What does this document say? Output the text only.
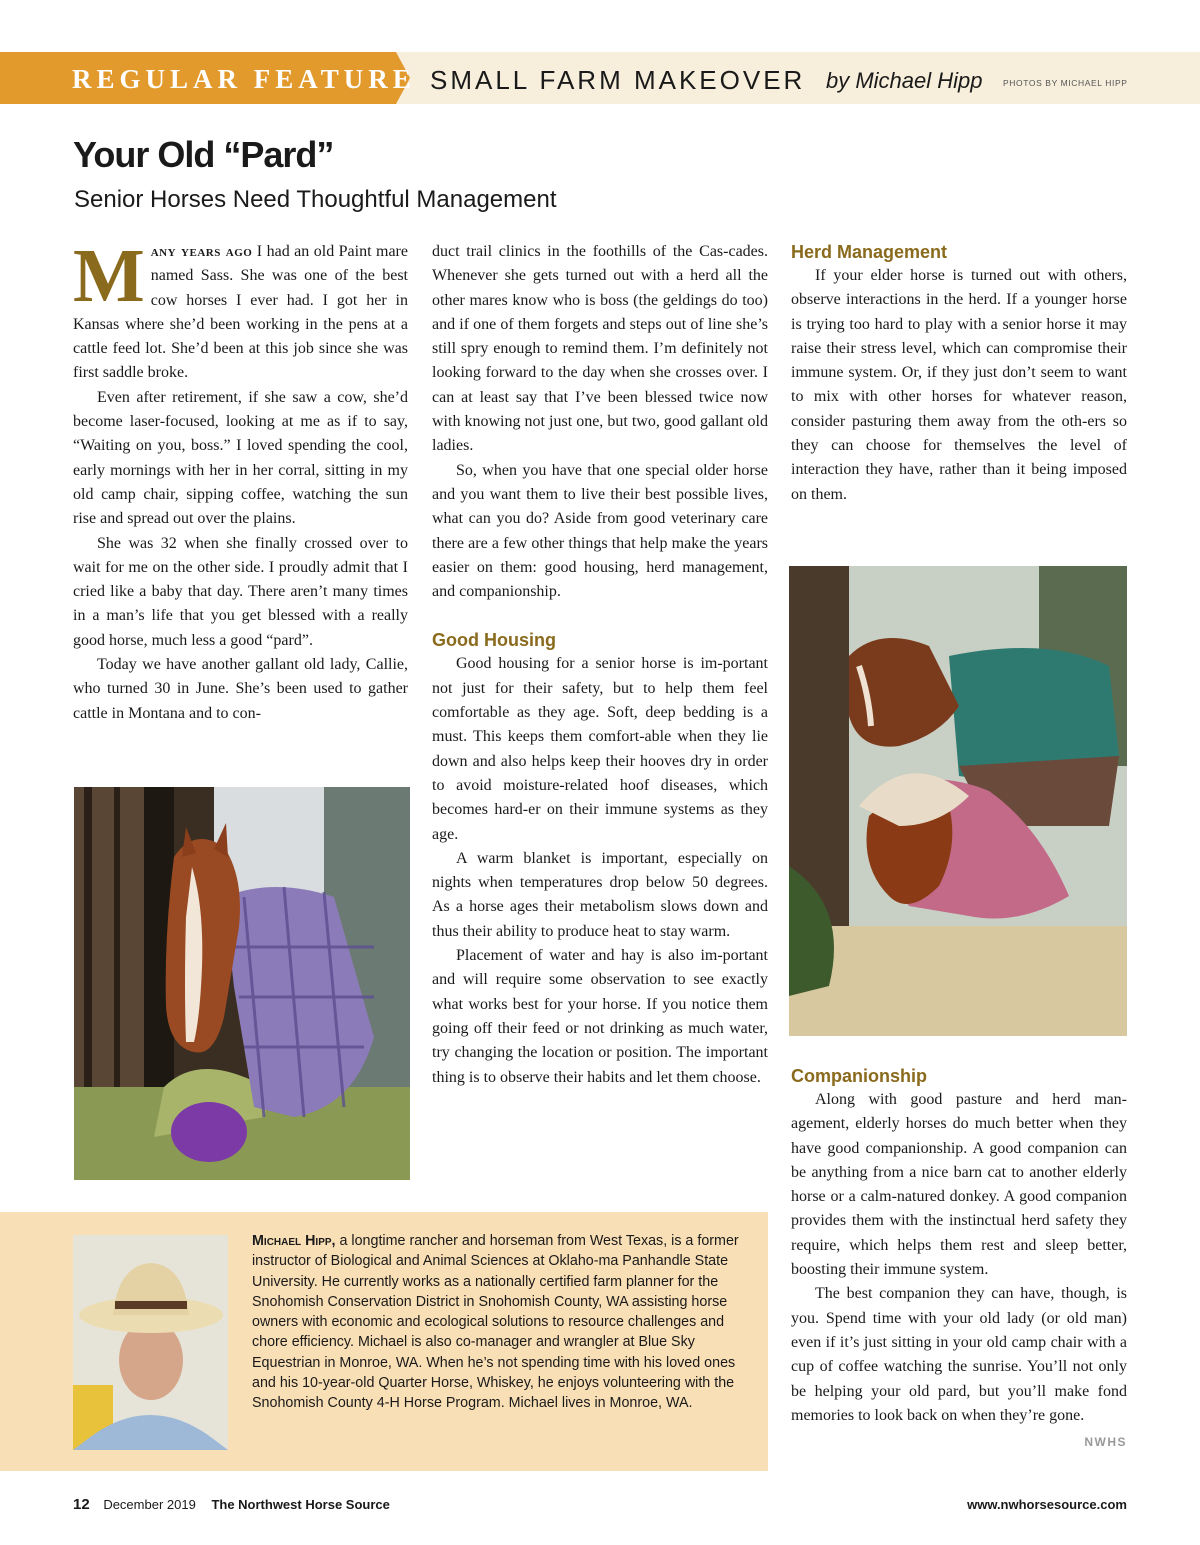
REGULAR FEATURE SMALL FARM MAKEOVER by Michael Hipp PHOTOS BY MICHAEL HIPP
Your Old “Pard”
Senior Horses Need Thoughtful Management

Many years ago I had an old Paint mare named Sass. She was one of the best cow horses I ever had. I got her in Kansas where she’d been working in the pens at a cattle feed lot. She’d been at this job since she was first saddle broke.

Even after retirement, if she saw a cow, she’d become laser-focused, looking at me as if to say, “Waiting on you, boss.” I loved spending the cool, early mornings with her in her corral, sitting in my old camp chair, sipping coffee, watching the sun rise and spread out over the plains.

She was 32 when she finally crossed over to wait for me on the other side. I proudly admit that I cried like a baby that day. There aren’t many times in a man’s life that you get blessed with a really good horse, much less a good “pard”.

Today we have another gallant old lady, Callie, who turned 30 in June. She’s been used to gather cattle in Montana and to con-

duct trail clinics in the foothills of the Cas-cades. Whenever she gets turned out with a herd all the other mares know who is boss (the geldings do too) and if one of them forgets and steps out of line she’s still spry enough to remind them. I’m definitely not looking forward to the day when she crosses over. I can at least say that I’ve been blessed twice now with knowing not just one, but two, good gallant old ladies.

So, when you have that one special older horse and you want them to live their best possible lives, what can you do? Aside from good veterinary care there are a few other things that help make the years easier on them: good housing, herd management, and companionship.

Good Housing

Good housing for a senior horse is im-portant not just for their safety, but to help them feel comfortable as they age. Soft, deep bedding is a must. This keeps them comfort-able when they lie down and also helps keep their hooves dry in order to avoid moisture-related hoof diseases, which becomes hard-er on their immune systems as they age.

A warm blanket is important, especially on nights when temperatures drop below 50 degrees. As a horse ages their metabolism slows down and thus their ability to produce heat to stay warm.

Placement of water and hay is also im-portant and will require some observation to see exactly what works best for your horse. If you notice them going off their feed or not drinking as much water, try changing the location or position. The important thing is to observe their habits and let them choose.

Herd Management

If your elder horse is turned out with others, observe interactions in the herd. If a younger horse is trying too hard to play with a senior horse it may raise their stress level, which can compromise their immune system. Or, if they just don’t seem to want to mix with other horses for whatever reason, consider pasturing them away from the oth-ers so they can choose for themselves the level of interaction they have, rather than it being imposed on them.

Companionship

Along with good pasture and herd man-agement, elderly horses do much better when they have good companionship. A good companion can be anything from a nice barn cat to another elderly horse or a calm-natured donkey. A good companion provides them with the instinctual herd safety they require, which helps them rest and sleep better, boosting their immune system.

The best companion they can have, though, is you. Spend time with your old lady (or old man) even if it’s just sitting in your old camp chair with a cup of coffee watching the sunrise. You’ll not only be helping your old pard, but you’ll make fond memories to look back on when they’re gone.
NWHS

Michael Hipp, a longtime rancher and horseman from West Texas, is a former instructor of Biological and Animal Sciences at Oklaho-ma Panhandle State University. He currently works as a nationally certified farm planner for the Snohomish Conservation District in Snohomish County, WA assisting horse owners with economic and ecological solutions to resource challenges and chore efficiency. Michael is also co-manager and wrangler at Blue Sky Equestrian in Monroe, WA. When he’s not spending time with his loved ones and his 10-year-old Quarter Horse, Whiskey, he enjoys volunteering with the Snohomish County 4-H Horse Program. Michael lives in Monroe, WA.
12 December 2019 The Northwest Horse Source	www.nwhorsesource.com
